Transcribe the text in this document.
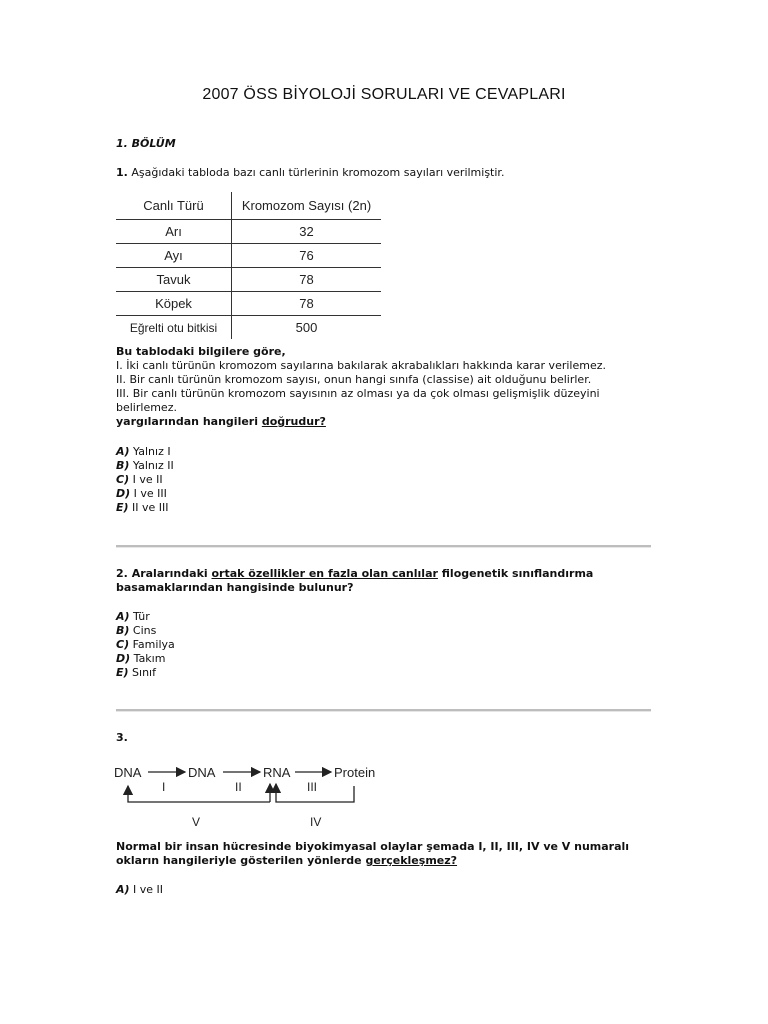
2007 ÖSS BİYOLOJİ SORULARI VE CEVAPLARI
1. BÖLÜM
1. Aşağıdaki tabloda bazı canlı türlerinin kromozom sayıları verilmiştir.
Canlı Türü	Kromozom Sayısı (2n)
Arı	32
Ayı	76
Tavuk	78
Köpek	78
Eğrelti otu bitkisi	500
Bu tablodaki bilgilere göre,
I. İki canlı türünün kromozom sayılarına bakılarak akrabalıkları hakkında karar verilemez.
II. Bir canlı türünün kromozom sayısı, onun hangi sınıfa (classise) ait olduğunu belirler.
III. Bir canlı türünün kromozom sayısının az olması ya da çok olması gelişmişlik düzeyini belirlemez.
yargılarından hangileri doğrudur?
A) Yalnız I
B) Yalnız II
C) I ve II
D) I ve III
E) II ve III
2. Aralarındaki ortak özellikler en fazla olan canlılar filogenetik sınıflandırma basamaklarından hangisinde bulunur?
A) Tür
B) Cins
C) Familya
D) Takım
E) Sınıf
3.
DNA	DNA	RNA	Protein
I	II	III
IV
V
Normal bir insan hücresinde biyokimyasal olaylar şemada I, II, III, IV ve V numaralı okların hangileriyle gösterilen yönlerde gerçekleşmez?
A) I ve II
